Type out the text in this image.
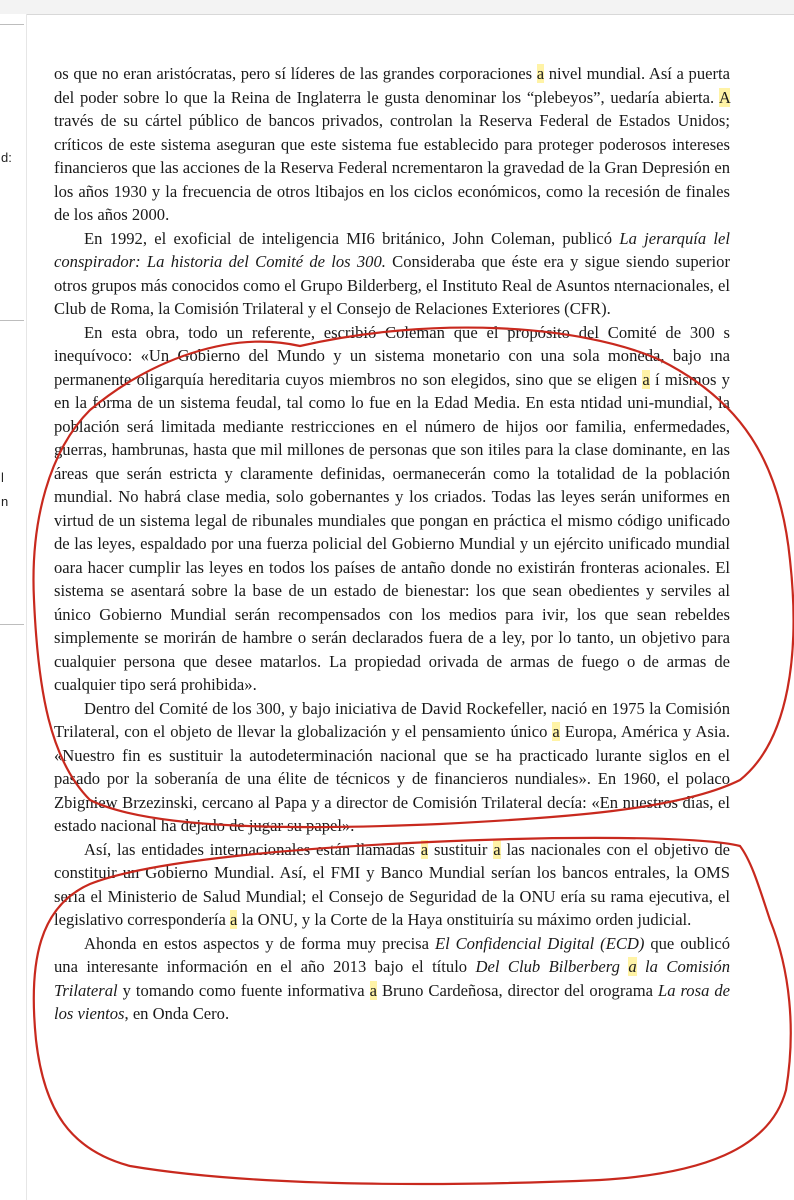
d:
l
n

os que no eran aristócratas, pero sí líderes de las grandes corporaciones a nivel mundial. Así a puerta del poder sobre lo que la Reina de Inglaterra le gusta denominar los “plebeyos”, uedaría abierta. A través de su cártel público de bancos privados, controlan la Reserva Federal de Estados Unidos; críticos de este sistema aseguran que este sistema fue establecido para proteger poderosos intereses financieros que las acciones de la Reserva Federal ncrementaron la gravedad de la Gran Depresión en los años 1930 y la frecuencia de otros ltibajos en los ciclos económicos, como la recesión de finales de los años 2000.

En 1992, el exoficial de inteligencia MI6 británico, John Coleman, publicó La jerarquía lel conspirador: La historia del Comité de los 300. Consideraba que éste era y sigue siendo superior otros grupos más conocidos como el Grupo Bilderberg, el Instituto Real de Asuntos nternacionales, el Club de Roma, la Comisión Trilateral y el Consejo de Relaciones Exteriores (CFR).

En esta obra, todo un referente, escribió Coleman que el propósito del Comité de 300 s inequívoco: «Un Gobierno del Mundo y un sistema monetario con una sola moneda, bajo ına permanente oligarquía hereditaria cuyos miembros no son elegidos, sino que se eligen a í mismos y en la forma de un sistema feudal, tal como lo fue en la Edad Media. En esta ntidad uni-mundial, la población será limitada mediante restricciones en el número de hijos oor familia, enfermedades, guerras, hambrunas, hasta que mil millones de personas que son itiles para la clase dominante, en las áreas que serán estricta y claramente definidas, oermanecerán como la totalidad de la población mundial. No habrá clase media, solo gobernantes y los criados. Todas las leyes serán uniformes en virtud de un sistema legal de ribunales mundiales que pongan en práctica el mismo código unificado de las leyes, espaldado por una fuerza policial del Gobierno Mundial y un ejército unificado mundial oara hacer cumplir las leyes en todos los países de antaño donde no existirán fronteras acionales. El sistema se asentará sobre la base de un estado de bienestar: los que sean obedientes y serviles al único Gobierno Mundial serán recompensados con los medios para ivir, los que sean rebeldes simplemente se morirán de hambre o serán declarados fuera de a ley, por lo tanto, un objetivo para cualquier persona que desee matarlos. La propiedad orivada de armas de fuego o de armas de cualquier tipo será prohibida».

Dentro del Comité de los 300, y bajo iniciativa de David Rockefeller, nació en 1975 la Comisión Trilateral, con el objeto de llevar la globalización y el pensamiento único a Europa, América y Asia. «Nuestro fin es sustituir la autodeterminación nacional que se ha practicado lurante siglos en el pasado por la soberanía de una élite de técnicos y de financieros nundiales». En 1960, el polaco Zbigniew Brzezinski, cercano al Papa y a director de Comisión Trilateral decía: «En nuestros días, el estado nacional ha dejado de jugar su papel».

Así, las entidades internacionales están llamadas a sustituir a las nacionales con el objetivo de constituir un Gobierno Mundial. Así, el FMI y Banco Mundial serían los bancos entrales, la OMS sería el Ministerio de Salud Mundial; el Consejo de Seguridad de la ONU ería su rama ejecutiva, el legislativo correspondería a la ONU, y la Corte de la Haya onstituiría su máximo orden judicial.

Ahonda en estos aspectos y de forma muy precisa El Confidencial Digital (ECD) que oublicó una interesante información en el año 2013 bajo el título Del Club Bilberberg a la Comisión Trilateral y tomando como fuente informativa a Bruno Cardeñosa, director del orograma La rosa de los vientos, en Onda Cero.
